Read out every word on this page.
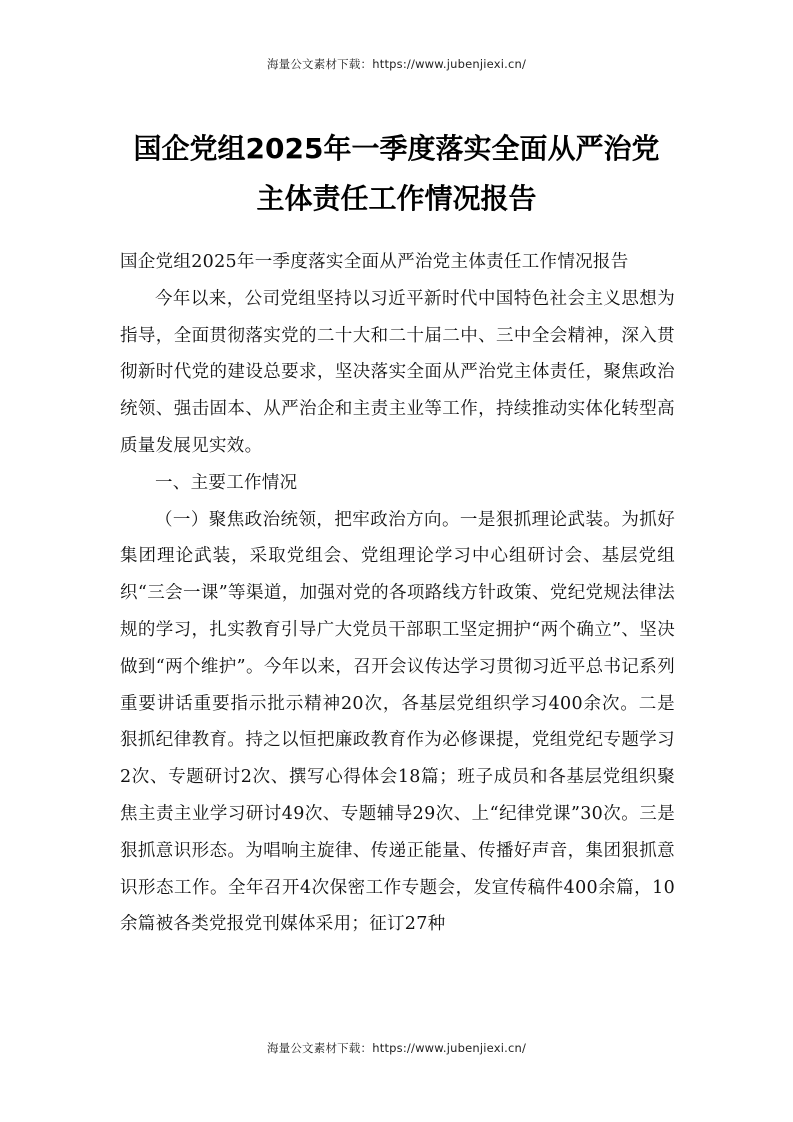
海量公文素材下载：https://www.jubenjiexi.cn/
国企党组2025年一季度落实全面从严治党
主体责任工作情况报告

国企党组2025年一季度落实全面从严治党主体责任工作情况报告

今年以来，公司党组坚持以习近平新时代中国特色社会主义思想为指导，全面贯彻落实党的二十大和二十届二中、三中全会精神，深入贯彻新时代党的建设总要求，坚决落实全面从严治党主体责任，聚焦政治统领、强击固本、从严治企和主责主业等工作，持续推动实体化转型高质量发展见实效。

一、主要工作情况

（一）聚焦政治统领，把牢政治方向。一是狠抓理论武装。为抓好集团理论武装，采取党组会、党组理论学习中心组研讨会、基层党组织“三会一课”等渠道，加强对党的各项路线方针政策、党纪党规法律法规的学习，扎实教育引导广大党员干部职工坚定拥护“两个确立”、坚决做到“两个维护”。今年以来，召开会议传达学习贯彻习近平总书记系列重要讲话重要指示批示精神20次，各基层党组织学习400余次。二是狠抓纪律教育。持之以恒把廉政教育作为必修课提，党组党纪专题学习2次、专题研讨2次、撰写心得体会18篇；班子成员和各基层党组织聚焦主责主业学习研讨49次、专题辅导29次、上“纪律党课”30次。三是狠抓意识形态。为唱响主旋律、传递正能量、传播好声音，集团狠抓意识形态工作。全年召开4次保密工作专题会，发宣传稿件400余篇，10余篇被各类党报党刊媒体采用；征订27种

海量公文素材下载：https://www.jubenjiexi.cn/
